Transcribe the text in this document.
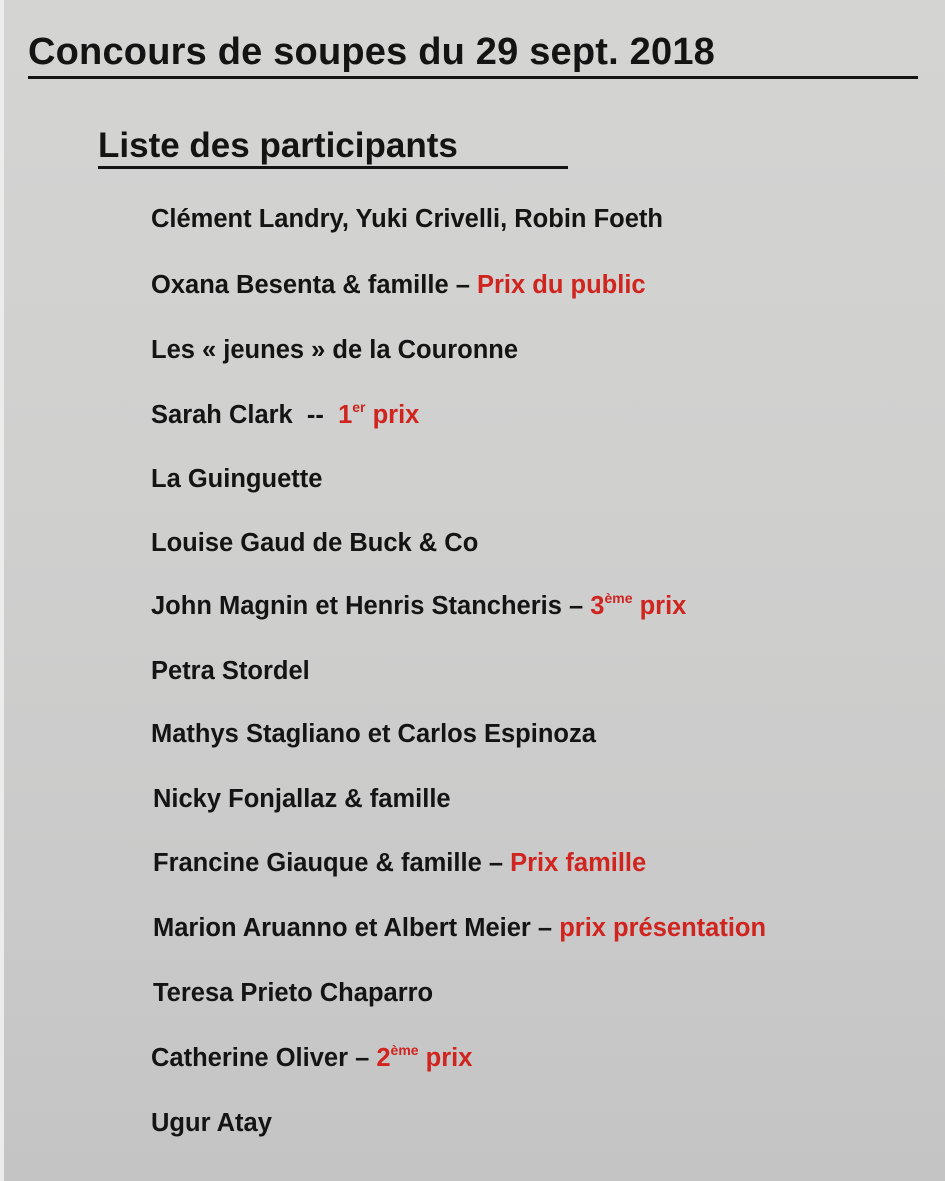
Concours de soupes du 29 sept. 2018
Liste des participants
Clément Landry, Yuki Crivelli, Robin Foeth
Oxana Besenta & famille – Prix du public
Les « jeunes » de la Couronne
Sarah Clark  --  1er prix
La Guinguette
Louise Gaud de Buck & Co
John Magnin et Henris Stancheris – 3ème prix
Petra Stordel
Mathys Stagliano et Carlos Espinoza
Nicky Fonjallaz & famille
Francine Giauque & famille – Prix famille
Marion Aruanno et Albert Meier – prix présentation
Teresa Prieto Chaparro
Catherine Oliver – 2ème prix
Ugur Atay
